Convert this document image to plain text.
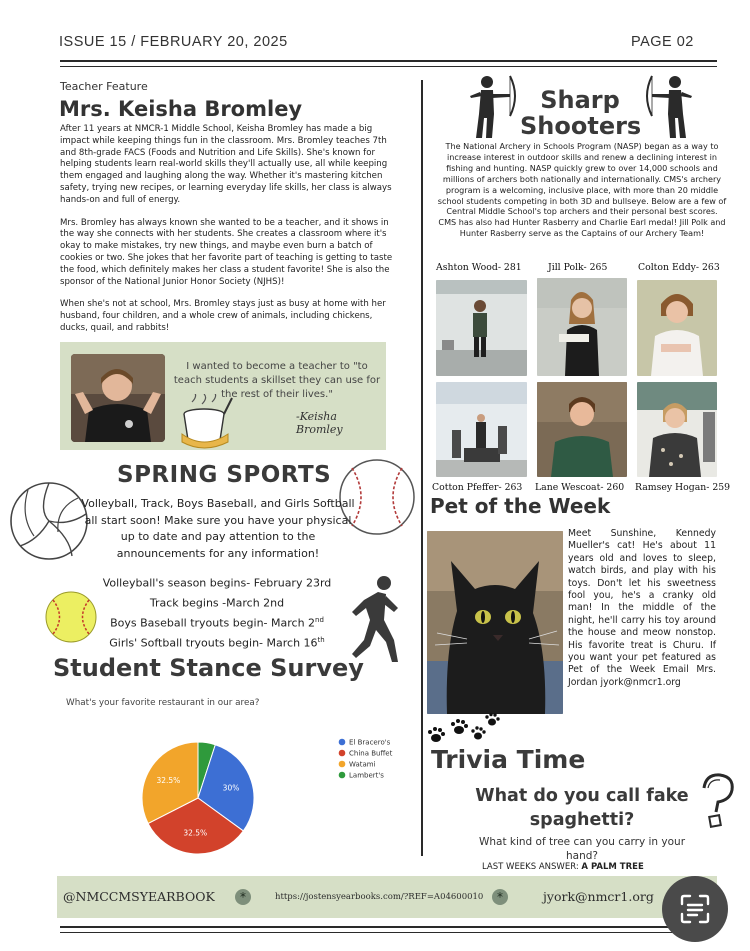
ISSUE 15 / FEBRUARY 20, 2025	PAGE 02
Teacher Feature
Mrs. Keisha Bromley

After 11 years at NMCR-1 Middle School, Keisha Bromley has made a big impact while keeping things fun in the classroom. Mrs. Bromley teaches 7th and 8th-grade FACS (Foods and Nutrition and Life Skills). She's known for helping students learn real-world skills they'll actually use, all while keeping them engaged and laughing along the way. Whether it's mastering kitchen safety, trying new recipes, or learning everyday life skills, her class is always hands-on and full of energy.

Mrs. Bromley has always known she wanted to be a teacher, and it shows in the way she connects with her students. She creates a classroom where it's okay to make mistakes, try new things, and maybe even burn a batch of cookies or two. She jokes that her favorite part of teaching is getting to taste the food, which definitely makes her class a student favorite! She is also the sponsor of the National Junior Honor Society (NJHS)!

When she's not at school, Mrs. Bromley stays just as busy at home with her husband, four children, and a whole crew of animals, including chickens, ducks, quail, and rabbits!

I wanted to become a teacher to "to teach students a skillset they can use for the rest of their lives."
-Keisha Bromley
SPRING SPORTS
Volleyball, Track, Boys Baseball, and Girls Softball all start soon! Make sure you have your physical up to date and pay attention to the announcements for any information!
Volleyball's season begins- February 23rd
Track begins -March 2nd
Boys Baseball tryouts begin- March 2nd
Girls' Softball tryouts begin- March 16th
Student Stance Survey
What's your favorite restaurant in our area?
30%
32.5%
32.5%
El Bracero's
China Buffet
Watami
Lambert's
Sharp
Shooters
The National Archery in Schools Program (NASP) began as a way to increase interest in outdoor skills and renew a declining interest in fishing and hunting. NASP quickly grew to over 14,000 schools and millions of archers both nationally and internationally. CMS's archery program is a welcoming, inclusive place, with more than 20 middle school students competing in both 3D and bullseye. Below are a few of Central Middle School's top archers and their personal best scores. CMS has also had Hunter Rasberry and Charlie Earl medal! Jill Polk and Hunter Rasberry serve as the Captains of our Archery Team!
Ashton Wood- 281	Jill Polk- 265	Colton Eddy- 263
Cotton Pfeffer- 263 Lane Wescoat- 260 Ramsey Hogan- 259
Pet of the Week
Meet Sunshine, Kennedy Mueller's cat! He's about 11 years old and loves to sleep, watch birds, and play with his toys. Don't let his sweetness fool you, he's a cranky old man! In the middle of the night, he'll carry his toy around the house and meow nonstop. His favorite treat is Churu. If you want your pet featured as Pet of the Week Email Mrs. Jordan jyork@nmcr1.org
Trivia Time
What do you call fake
spaghetti?
What kind of tree can you carry in your hand?
LAST WEEKS ANSWER: A PALM TREE
@NMCCMSYEARBOOK	*	https://jostensyearbooks.com/?REF=A04600010	*	jyork@nmcr1.org
